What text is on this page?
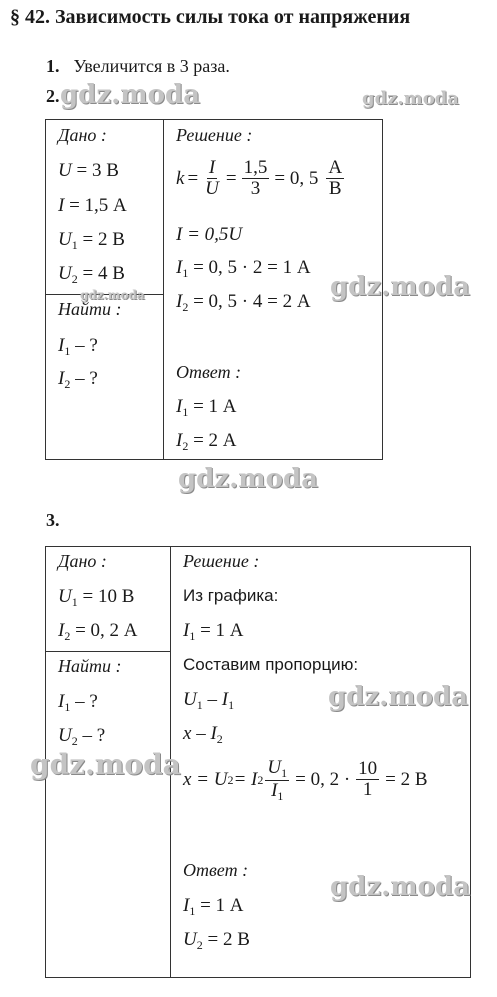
§ 42. Зависимость силы тока от напряжения
1. Увеличится в 3 раза.
2.
Дано :
U = 3 В
I = 1,5 А
$U_1 = 2$ В
$U_2 = 4$ В
Найти :
$I_1$ – ?
$I_2$ – ?
Решение :
$k = \frac{I}{U} = \frac{1,5}{3} = 0$, $5 \frac{А}{В}$
I = 0,5U
$I_1 = 0$, 5 · 2 = 1 А
$I_2 = 0$, 5 · 4 = 2 А
Ответ :
$I_1 = 1$ А
$I_2 = 2$ А
3.
Дано :
$U_1 = 10$ В
$I_2 = 0$, 2 А
Найти :
$I_1$ – ?
$U_2$ – ?
Решение :
Из графика:
$I_1 = 1$ А
Составим пропорцию:
$U_1 - I_1$
x – $I_2$
x = U 2 = I $2 \frac{U_1}{I_1} = 0$, $2 \cdot \frac{10}{1} = 2$ В
Ответ :
$I_1 = 1$ А
$U_2 = 2$ В
gdz.moda	gdz.moda
gdz.moda
gdz.moda
gdz.moda
gdz.moda
gdz.moda
gdz.moda
